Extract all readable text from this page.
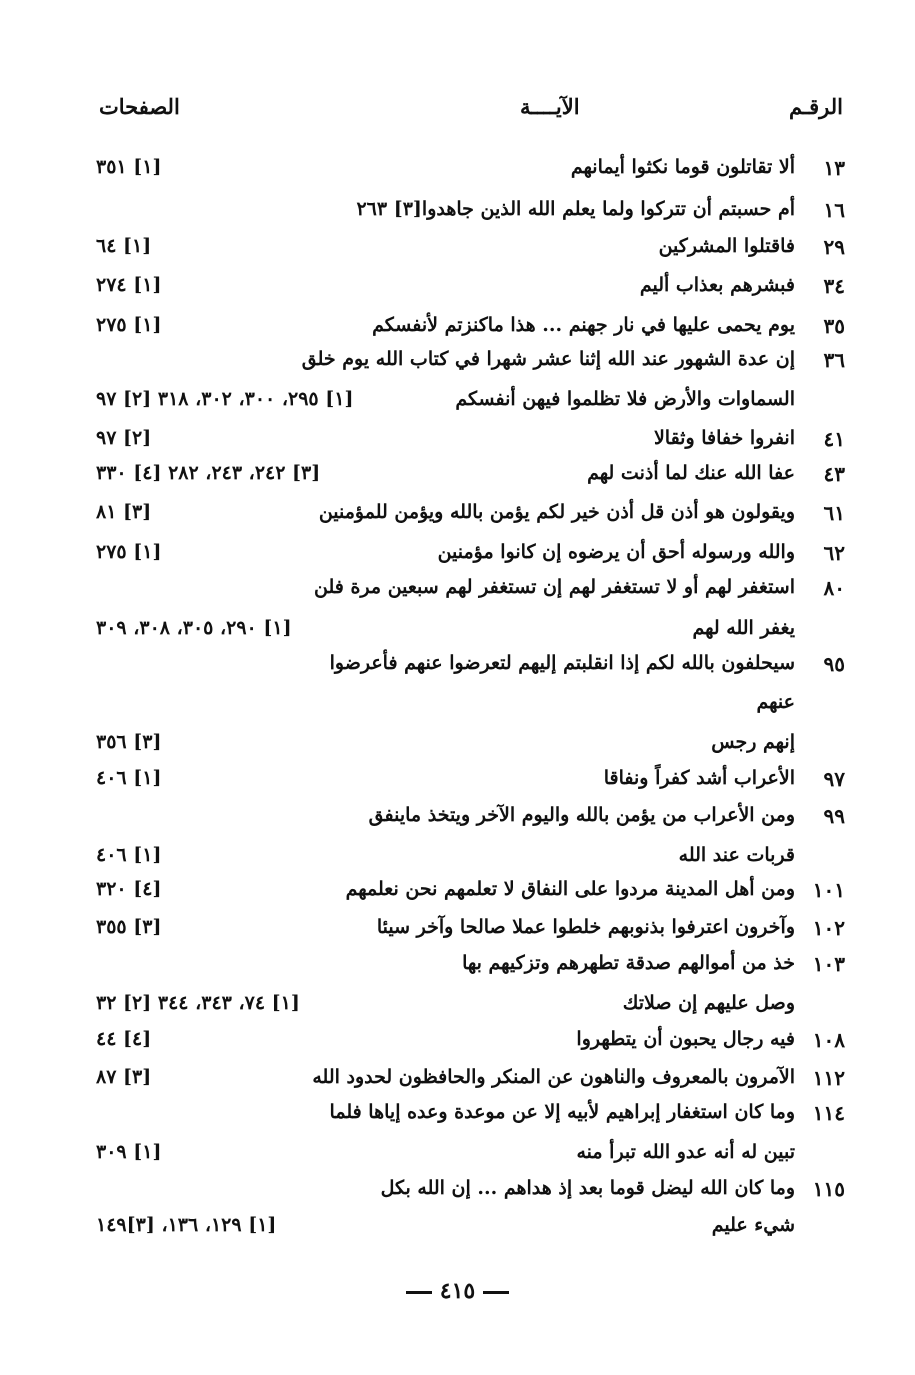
الرقـم
الآيــــة
الصفحات
١٣
ألا تقاتلون قوما نكثوا أيمانهم
[١] ٣٥١
١٦
أم حسبتم أن تتركوا ولما يعلم الله الذين جاهدوا[٣] ٢٦٣
٢٩
فاقتلوا المشركين
[١] ٦٤
٣٤
فبشرهم بعذاب أليم
[١] ٢٧٤
٣٥
يوم يحمى عليها في نار جهنم ... هذا ماكنزتم لأنفسكم
[١] ٢٧٥
٣٦
إن عدة الشهور عند الله إثنا عشر شهرا في كتاب الله يوم خلق
السماوات والأرض فلا تظلموا فيهن أنفسكم
[١] ٢٩٥، ٣٠٠، ٣٠٢، ٣١٨ [٢] ٩٧
٤١
انفروا خفافا وثقالا
[٢] ٩٧
٤٣
عفا الله عنك لما أذنت لهم
[٣] ٢٤٢، ٢٤٣، ٢٨٢ [٤] ٣٣٠
٦١
ويقولون هو أذن قل أذن خير لكم يؤمن بالله ويؤمن للمؤمنين
[٣] ٨١
٦٢
والله ورسوله أحق أن يرضوه إن كانوا مؤمنين
[١] ٢٧٥
٨٠
استغفر لهم أو لا تستغفر لهم إن تستغفر لهم سبعين مرة فلن
يغفر الله لهم
[١] ٢٩٠، ٣٠٥، ٣٠٨، ٣٠٩
٩٥
سيحلفون بالله لكم إذا انقلبتم إليهم لتعرضوا عنهم فأعرضوا
عنهم
إنهم رجس
[٣] ٣٥٦
٩٧
الأعراب أشد كفراً ونفاقا
[١] ٤٠٦
٩٩
ومن الأعراب من يؤمن بالله واليوم الآخر ويتخذ ماينفق
قربات عند الله
[١] ٤٠٦
١٠١
ومن أهل المدينة مردوا على النفاق لا تعلمهم نحن نعلمهم
[٤] ٣٢٠
١٠٢
وآخرون اعترفوا بذنوبهم خلطوا عملا صالحا وآخر سيئا
[٣] ٣٥٥
١٠٣
خذ من أموالهم صدقة تطهرهم وتزكيهم بها
وصل عليهم إن صلاتك
[١] ٧٤، ٣٤٣، ٣٤٤ [٢] ٣٢
١٠٨
فيه رجال يحبون أن يتطهروا
[٤] ٤٤
١١٢
الآمرون بالمعروف والناهون عن المنكر والحافظون لحدود الله
[٣] ٨٧
١١٤
وما كان استغفار إبراهيم لأبيه إلا عن موعدة وعده إياها فلما
تبين له أنه عدو الله تبرأ منه
[١] ٣٠٩
١١٥
وما كان الله ليضل قوما بعد إذ هداهم ... إن الله بكل
شيء عليم
[١] ١٢٩، ١٣٦، [٣]١٤٩
٤١٥
